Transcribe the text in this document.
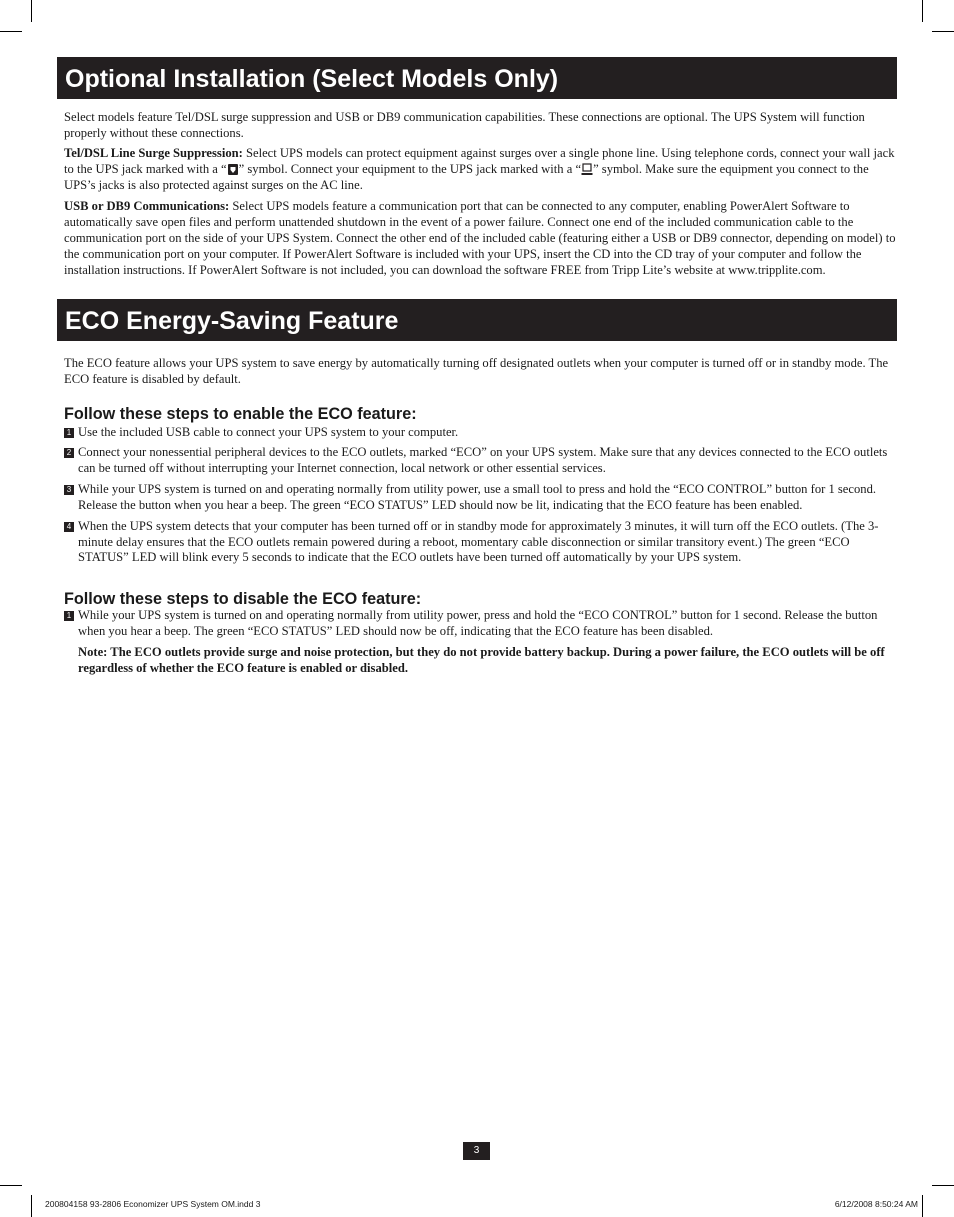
Optional Installation (Select Models Only)

Select models feature Tel/DSL surge suppression and USB or DB9 communication capabilities. These connections are optional. The UPS System will function properly without these connections.

Tel/DSL Line Surge Suppression: Select UPS models can protect equipment against surges over a single phone line. Using telephone cords, connect your wall jack to the UPS jack marked with a “ ” symbol. Connect your equipment to the UPS jack marked with a “ ” symbol. Make sure the equipment you connect to the UPS’s jacks is also protected against surges on the AC line.

USB or DB9 Communications: Select UPS models feature a communication port that can be connected to any computer, enabling PowerAlert Software to automatically save open files and perform unattended shutdown in the event of a power failure. Connect one end of the included communication cable to the communication port on the side of your UPS System. Connect the other end of the included cable (featuring either a USB or DB9 connector, depending on model) to the communication port on your computer. If PowerAlert Software is included with your UPS, insert the CD into the CD tray of your computer and follow the installation instructions. If PowerAlert Software is not included, you can download the software FREE from Tripp Lite’s website at www.tripplite.com.

ECO Energy-Saving Feature

The ECO feature allows your UPS system to save energy by automatically turning off designated outlets when your computer is turned off or in standby mode. The ECO feature is disabled by default.

Follow these steps to enable the ECO feature:
1 Use the included USB cable to connect your UPS system to your computer.
2 Connect your nonessential peripheral devices to the ECO outlets, marked “ECO” on your UPS system. Make sure that any devices connected to the ECO outlets can be turned off without interrupting your Internet connection, local network or other essential services.
3 While your UPS system is turned on and operating normally from utility power, use a small tool to press and hold the “ECO CONTROL” button for 1 second. Release the button when you hear a beep. The green “ECO STATUS” LED should now be lit, indicating that the ECO feature has been enabled.
4 When the UPS system detects that your computer has been turned off or in standby mode for approximately 3 minutes, it will turn off the ECO outlets. (The 3-minute delay ensures that the ECO outlets remain powered during a reboot, momentary cable disconnection or similar transitory event.) The green “ECO STATUS” LED will blink every 5 seconds to indicate that the ECO outlets have been turned off automatically by your UPS system.
Follow these steps to disable the ECO feature:
1 While your UPS system is turned on and operating normally from utility power, press and hold the “ECO CONTROL” button for 1 second. Release the button when you hear a beep. The green “ECO STATUS” LED should now be off, indicating that the ECO feature has been disabled.
Note: The ECO outlets provide surge and noise protection, but they do not provide battery backup. During a power failure, the ECO outlets will be off regardless of whether the ECO feature is enabled or disabled.
3
200804158 93-2806 Economizer UPS System OM.indd 3	6/12/2008 8:50:24 AM
